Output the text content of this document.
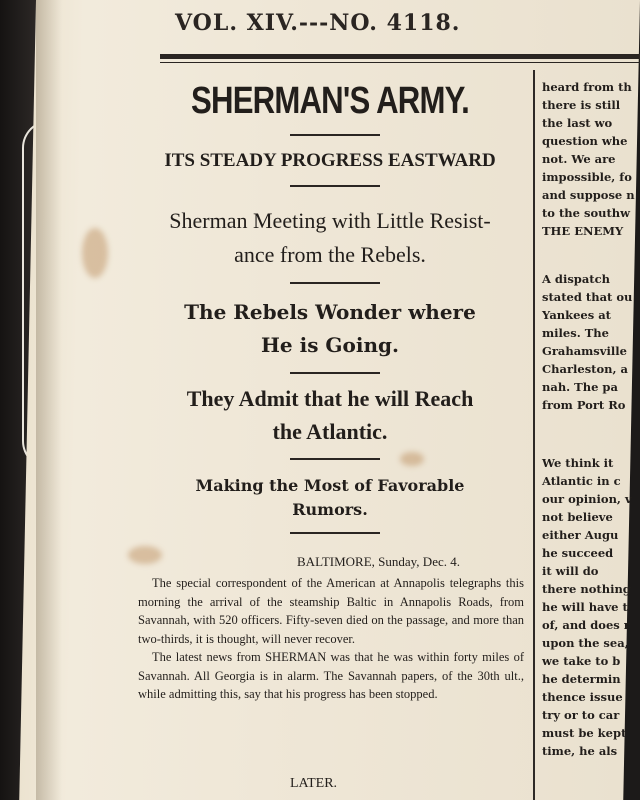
VOL. XIV.---NO. 4118.
SHERMAN'S ARMY.
ITS STEADY PROGRESS EASTWARD
Sherman Meeting with Little Resist-
ance from the Rebels.
The Rebels Wonder where
He is Going.
They Admit that he will Reach
the Atlantic.
Making the Most of Favorable
Rumors.
BALTIMORE, Sunday, Dec. 4.

The special correspondent of the American at Annapolis telegraphs this morning the arrival of the steamship Baltic in Annapolis Roads, from Savannah, with 520 officers. Fifty-seven died on the passage, and more than two-thirds, it is thought, will never recover.

The latest news from SHERMAN was that he was within forty miles of Savannah. All Georgia is in alarm. The Savannah papers, of the 30th ult., while admitting this, say that his progress has been stopped.

LATER.
heard from th
there is still
the last wo
question whe
not. We are
impossible, fo
and suppose n
to the southw
THE ENEMY
A dispatch
stated that ou
Yankees at
miles. The
Grahamsville
Charleston, a
nah. The pa
from Port Ro
We think it
Atlantic in c
our opinion, v
not believe
either Augu
he succeed
it will do
there nothing
he will have t
of, and does r
upon the sea,
we take to b
he determin
thence issue
try or to car
must be kept
time, he als
